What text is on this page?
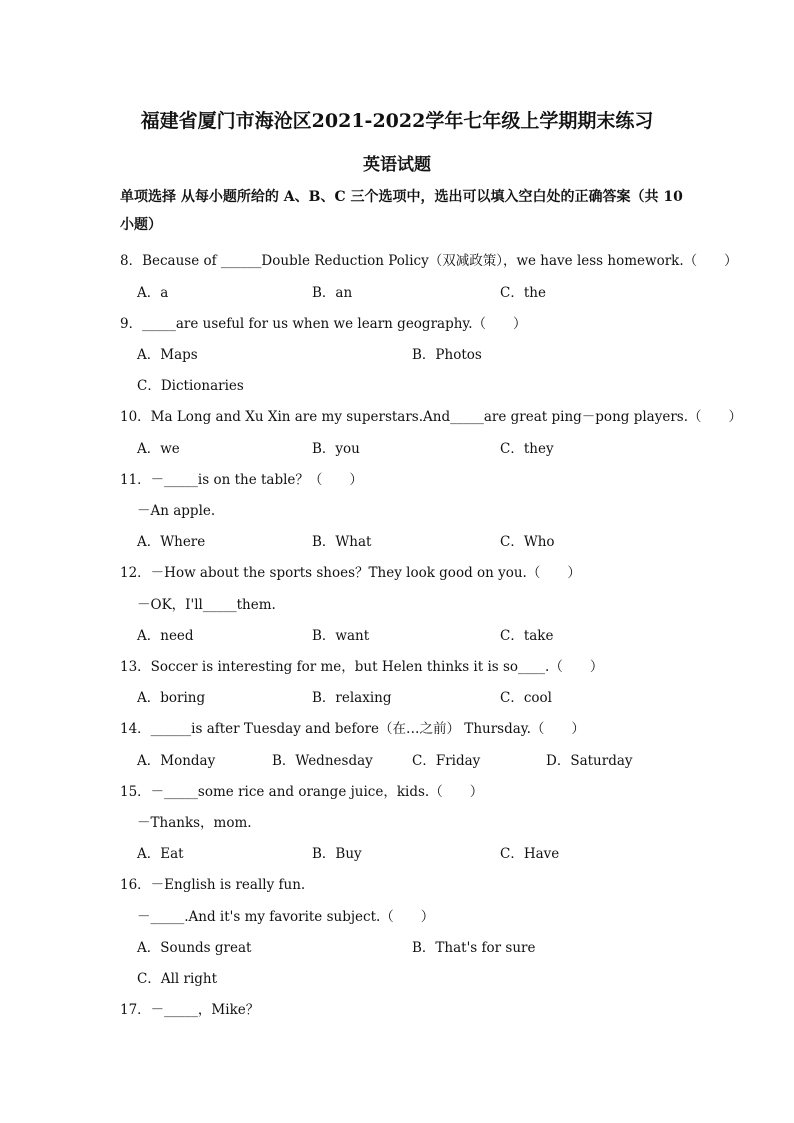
福建省厦门市海沧区2021-2022学年七年级上学期期末练习
英语试题
单项选择 从每小题所给的 A、B、C 三个选项中，选出可以填入空白处的正确答案（共 10 小题）
8．Because of ______Double Reduction Policy（双减政策），we have less homework.（　　）
A．a	B．an	C．the
9．_____are useful for us when we learn geography.（　　）
A．Maps	B．Photos
C．Dictionaries
10．Ma Long and Xu Xin are my superstars.And_____are great ping－pong players.（　　）
A．we	B．you	C．they
11．－_____is on the table？（　　）
－An apple.
A．Where	B．What	C．Who
12．－How about the sports shoes？They look good on you.（　　）
－OK，I'll_____them.
A．need	B．want	C．take
13．Soccer is interesting for me，but Helen thinks it is so____.（　　）
A．boring	B．relaxing	C．cool
14．______is after Tuesday and before（在…之前） Thursday.（　　）
A．Monday	B．Wednesday	C．Friday	D．Saturday
15．－_____some rice and orange juice，kids.（　　）
－Thanks，mom.
A．Eat	B．Buy	C．Have
16．－English is really fun.
－_____.And it's my favorite subject.（　　）
A．Sounds great	B．That's for sure
C．All right
17．－_____，Mike？
